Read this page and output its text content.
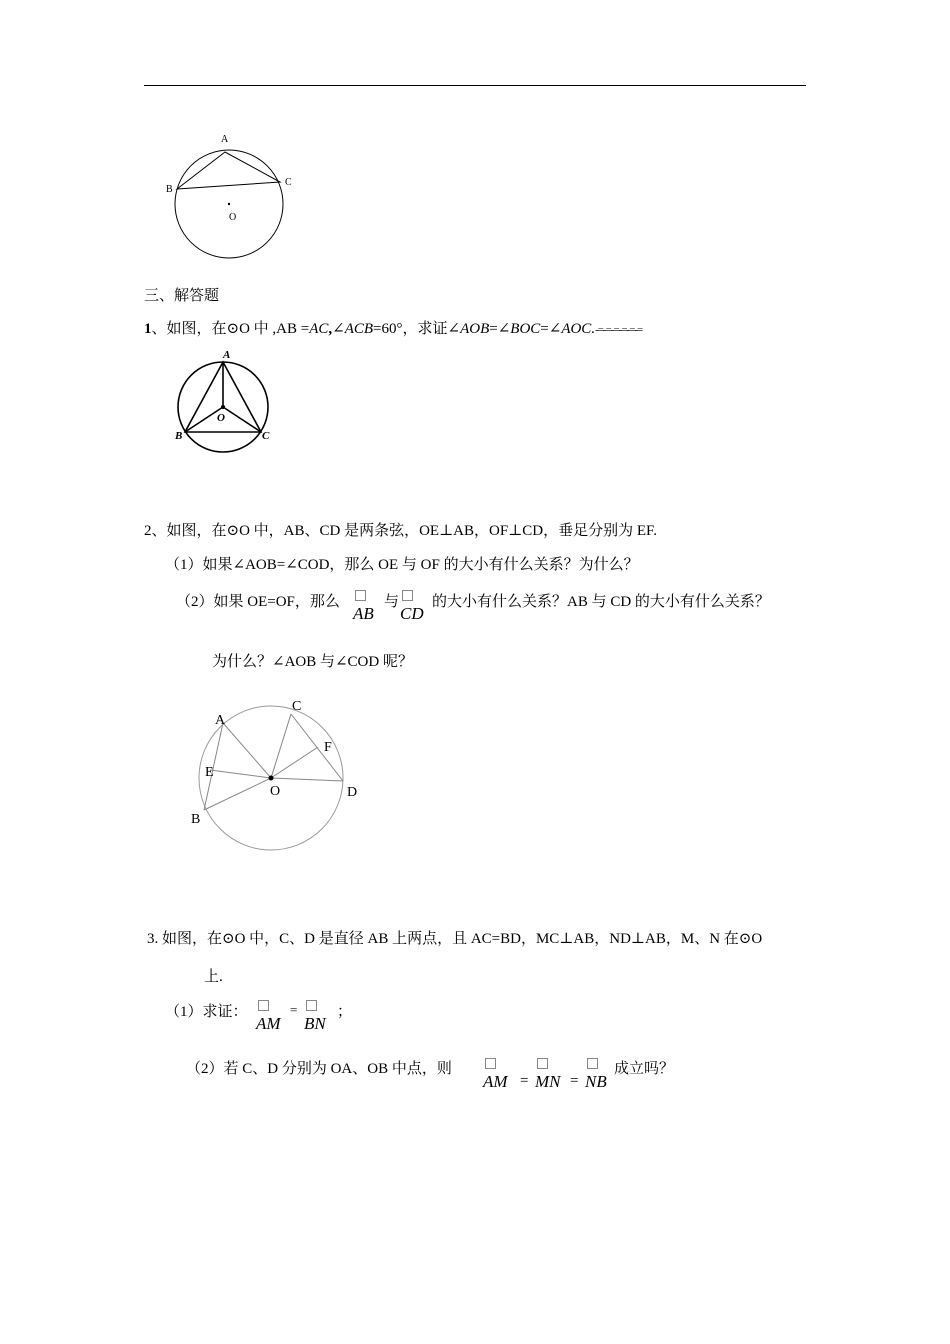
A
B
C
O
三、解答题
1、如图，在⊙O 中 ,AB =AC,∠ACB=60°，求证∠AOB=∠BOC=∠AOC.-=-=-=-=-=-=
A
B	C
O
2、如图，在⊙O 中，AB、CD 是两条弦，OE⊥AB，OF⊥CD，垂足分别为 EF.
（1）如果∠AOB=∠COD，那么 OE 与 OF 的大小有什么关系？为什么？
（2）如果 OE=OF，那么
AB
与
CD
的大小有什么关系？AB 与 CD 的大小有什么关系？
为什么？∠AOB 与∠COD 呢？
A
B
C
D
E
F
O
3. 如图，在⊙O 中，C、D 是直径 AB 上两点，且 AC=BD，MC⊥AB，ND⊥AB，M、N 在⊙O
上.
（1）求证：
AM
=
BN
；
（2）若 C、D 分别为 OA、OB 中点，则
AM = MN = NB
成立吗？
